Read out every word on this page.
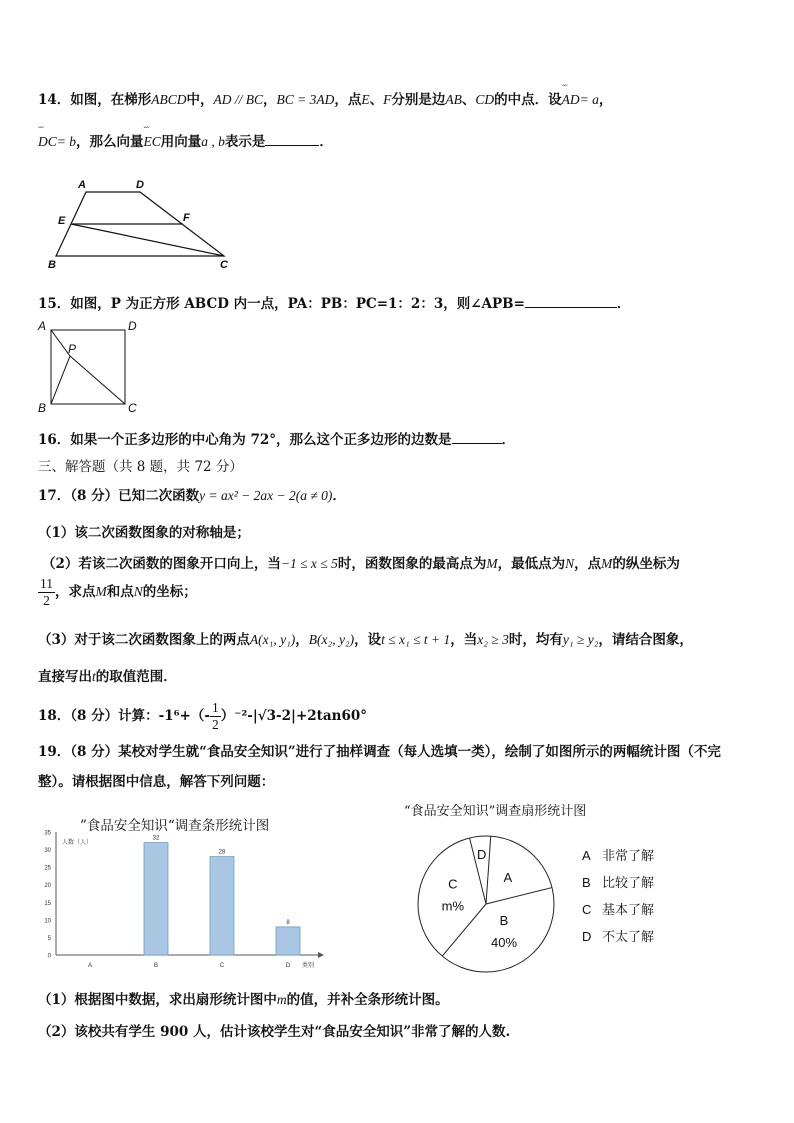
14．如图，在梯形ABCD中，AD // BC，BC = 3AD，点E、F分别是边AB、CD的中点．设
˘˘˘
AD= a，
˘˘˘
DC= b，那么向量
˘˘˘
EC用向量a , b表示是	．
A	D
E	F
B	C
15．如图，P 为正方形 ABCD 内一点，PA：PB：PC=1：2：3，则∠APB=	．
A	D
P
B	C
16．如果一个正多边形的中心角为 72°，那么这个正多边形的边数是	．
三、解答题（共 8 题，共 72 分）
17．（8 分）已知二次函数y = ax² − 2ax − 2(a ≠ 0)．
（1）该二次函数图象的对称轴是；
（2）若该二次函数的图象开口向上，当−1 ≤ x ≤ 5时，函数图象的最高点为M，最低点为N，点M的纵坐标为
$\frac{11}{2}$ ，求点M和点N的坐标；
（3）对于该二次函数图象上的两点A(x₁, y₁)，B(x₂, y₂)，设t ≤ x₁ ≤ t + 1，当x₂ ≥ 3时，均有y₁ ≥ y₂，请结合图象，
直接写出t的取值范围．
18．（8 分）计算：$-1^6+(- \frac{1}{2} )^{-2}-|√3-2|+2\tan 60^\circ$
19．（8 分）某校对学生就“食品安全知识”进行了抽样调查（每人选填一类），绘制了如图所示的两幅统计图（不完
整）。请根据图中信息，解答下列问题：
”食品安全知识“调查条形统计图
0
5
10
15
20
25
30
35
人数（人）
类别
A	B
32
C
28
D
8
“食品安全知识”调查扇形统计图
A
B
40%
C
m%
D	A 非常了解
B 比较了解
C 基本了解
D 不太了解
（1）根据图中数据，求出扇形统计图中m的值，并补全条形统计图。
（2）该校共有学生 900 人，估计该校学生对“食品安全知识”非常了解的人数.
